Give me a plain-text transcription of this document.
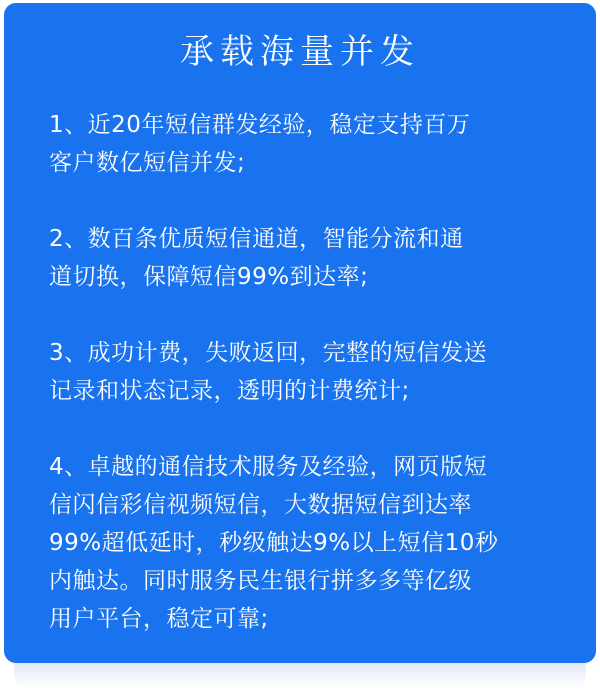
承载海量并发

1、近20年短信群发经验，稳定支持百万
客户数亿短信并发;

2、数百条优质短信通道，智能分流和通
道切换，保障短信99%到达率;

3、成功计费，失败返回，完整的短信发送
记录和状态记录，透明的计费统计;

4、卓越的通信技术服务及经验，网页版短
信闪信彩信视频短信，大数据短信到达率
99%超低延时，秒级触达9%以上短信10秒
内触达。同时服务民生银行拼多多等亿级
用户平台，稳定可靠;
